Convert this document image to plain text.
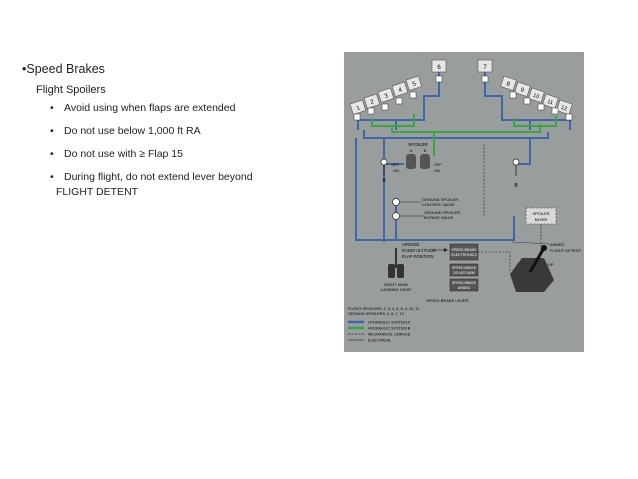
•Speed Brakes
Flight Spoilers
• Avoid using when flaps are extended
• Do not use below 1,000 ft RA
• Do not use with ≥ Flap 15
• During flight, do not extend lever beyond
FLIGHT DETENT
1
2
3
4
5
6	7
8
9
10
11
12
SPOILER
A	B
OFF
ON
OFF
ON
A
B
GROUND SPOILER
CONTROL VALVE
GROUND SPOILER
BYPASS VALVE
SPOILER
MIXER
AIR/GND
RADIO ALTITUDE
FLAP POSITION
SPEED BRAKE
ELECTRONICS
SPEED BRAKE
DO NOT ARM
SPEED BRAKE
ARMED
ARMED
FLIGHT DETENT
UP
RIGHT MAIN
LANDING GEAR
SPEED BRAKE LEVER
FLIGHT SPOILERS: 2, 3, 4, 5, 8, 9, 10, 11
GROUND SPOILERS: 1, 6, 7, 12
HYDRAULIC SYSTEM A
HYDRAULIC SYSTEM B
MECHANICAL LINKAGE
ELECTRICAL
